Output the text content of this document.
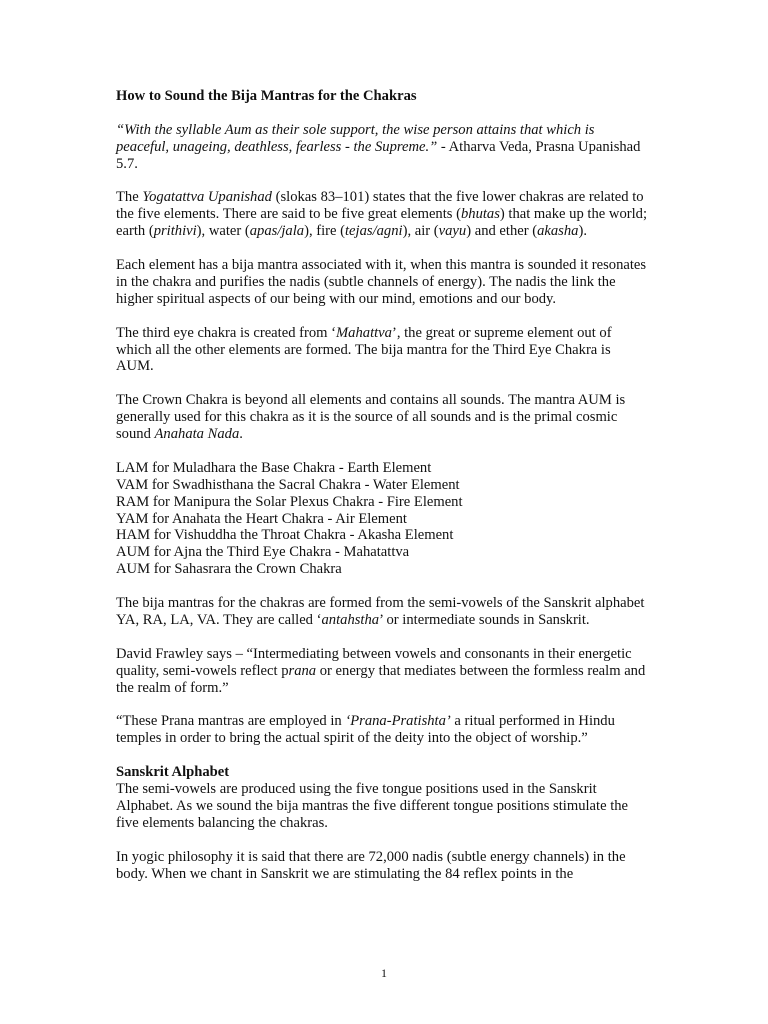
How to Sound the Bija Mantras for the Chakras

“With the syllable Aum as their sole support, the wise person attains that which is peaceful, unageing, deathless, fearless - the Supreme.” - Atharva Veda, Prasna Upanishad 5.7.

The Yogatattva Upanishad (slokas 83–101) states that the five lower chakras are related to the five elements. There are said to be five great elements (bhutas) that make up the world; earth (prithivi), water (apas/jala), fire (tejas/agni), air (vayu) and ether (akasha).

Each element has a bija mantra associated with it, when this mantra is sounded it resonates in the chakra and purifies the nadis (subtle channels of energy). The nadis the link the higher spiritual aspects of our being with our mind, emotions and our body.

The third eye chakra is created from ‘Mahattva’, the great or supreme element out of which all the other elements are formed. The bija mantra for the Third Eye Chakra is AUM.

The Crown Chakra is beyond all elements and contains all sounds. The mantra AUM is generally used for this chakra as it is the source of all sounds and is the primal cosmic sound Anahata Nada.

LAM for Muladhara the Base Chakra - Earth Element
VAM for Swadhisthana the Sacral Chakra - Water Element
RAM for Manipura the Solar Plexus Chakra - Fire Element
YAM for Anahata the Heart Chakra - Air Element
HAM for Vishuddha the Throat Chakra - Akasha Element
AUM for Ajna the Third Eye Chakra - Mahatattva
AUM for Sahasrara the Crown Chakra

The bija mantras for the chakras are formed from the semi-vowels of the Sanskrit alphabet YA, RA, LA, VA. They are called ‘antahstha’ or intermediate sounds in Sanskrit.

David Frawley says – “Intermediating between vowels and consonants in their energetic quality, semi-vowels reflect prana or energy that mediates between the formless realm and the realm of form.”

“These Prana mantras are employed in ‘Prana-Pratishta’ a ritual performed in Hindu temples in order to bring the actual spirit of the deity into the object of worship.”

Sanskrit Alphabet

The semi-vowels are produced using the five tongue positions used in the Sanskrit Alphabet. As we sound the bija mantras the five different tongue positions stimulate the five elements balancing the chakras.

In yogic philosophy it is said that there are 72,000 nadis (subtle energy channels) in the body. When we chant in Sanskrit we are stimulating the 84 reflex points in the

1
